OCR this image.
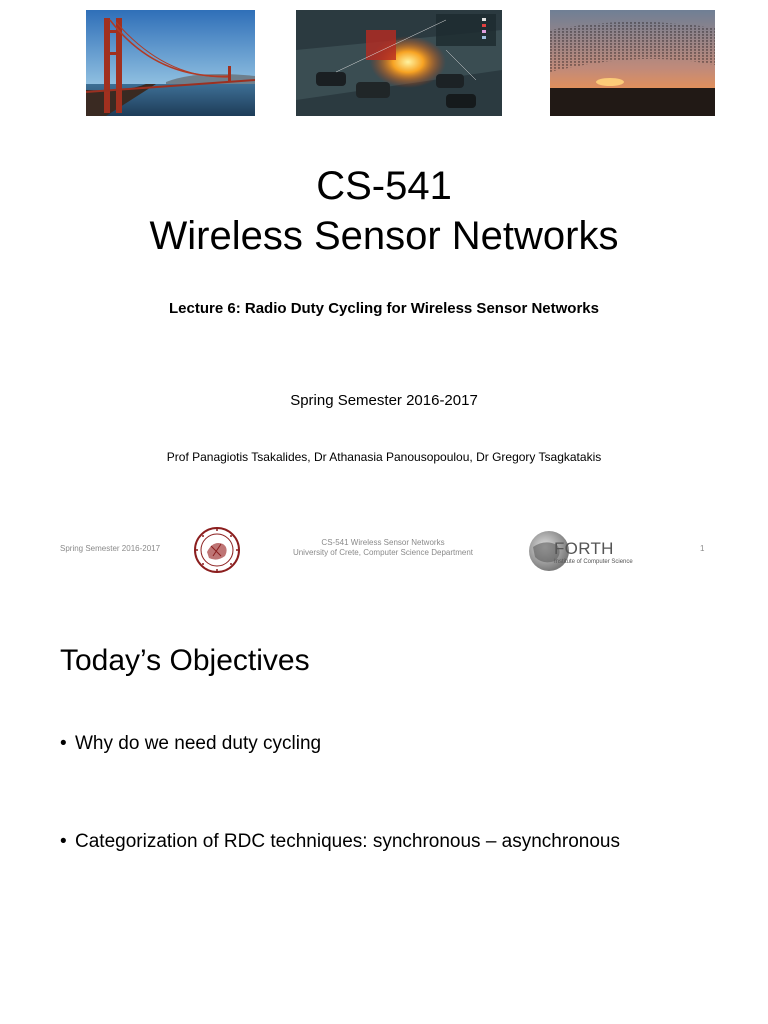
CS-541
Wireless Sensor Networks
Lecture 6: Radio Duty Cycling for Wireless Sensor Networks
Spring Semester 2016-2017
Prof Panagiotis Tsakalides, Dr Athanasia Panousopoulou, Dr Gregory Tsagkatakis
Spring Semester 2016-2017
CS-541 Wireless Sensor Networks
University of Crete, Computer Science Department	FORTH
Institute of Computer Science
1
Today’s Objectives
• Why do we need duty cycling
• Categorization of RDC techniques: synchronous – asynchronous
